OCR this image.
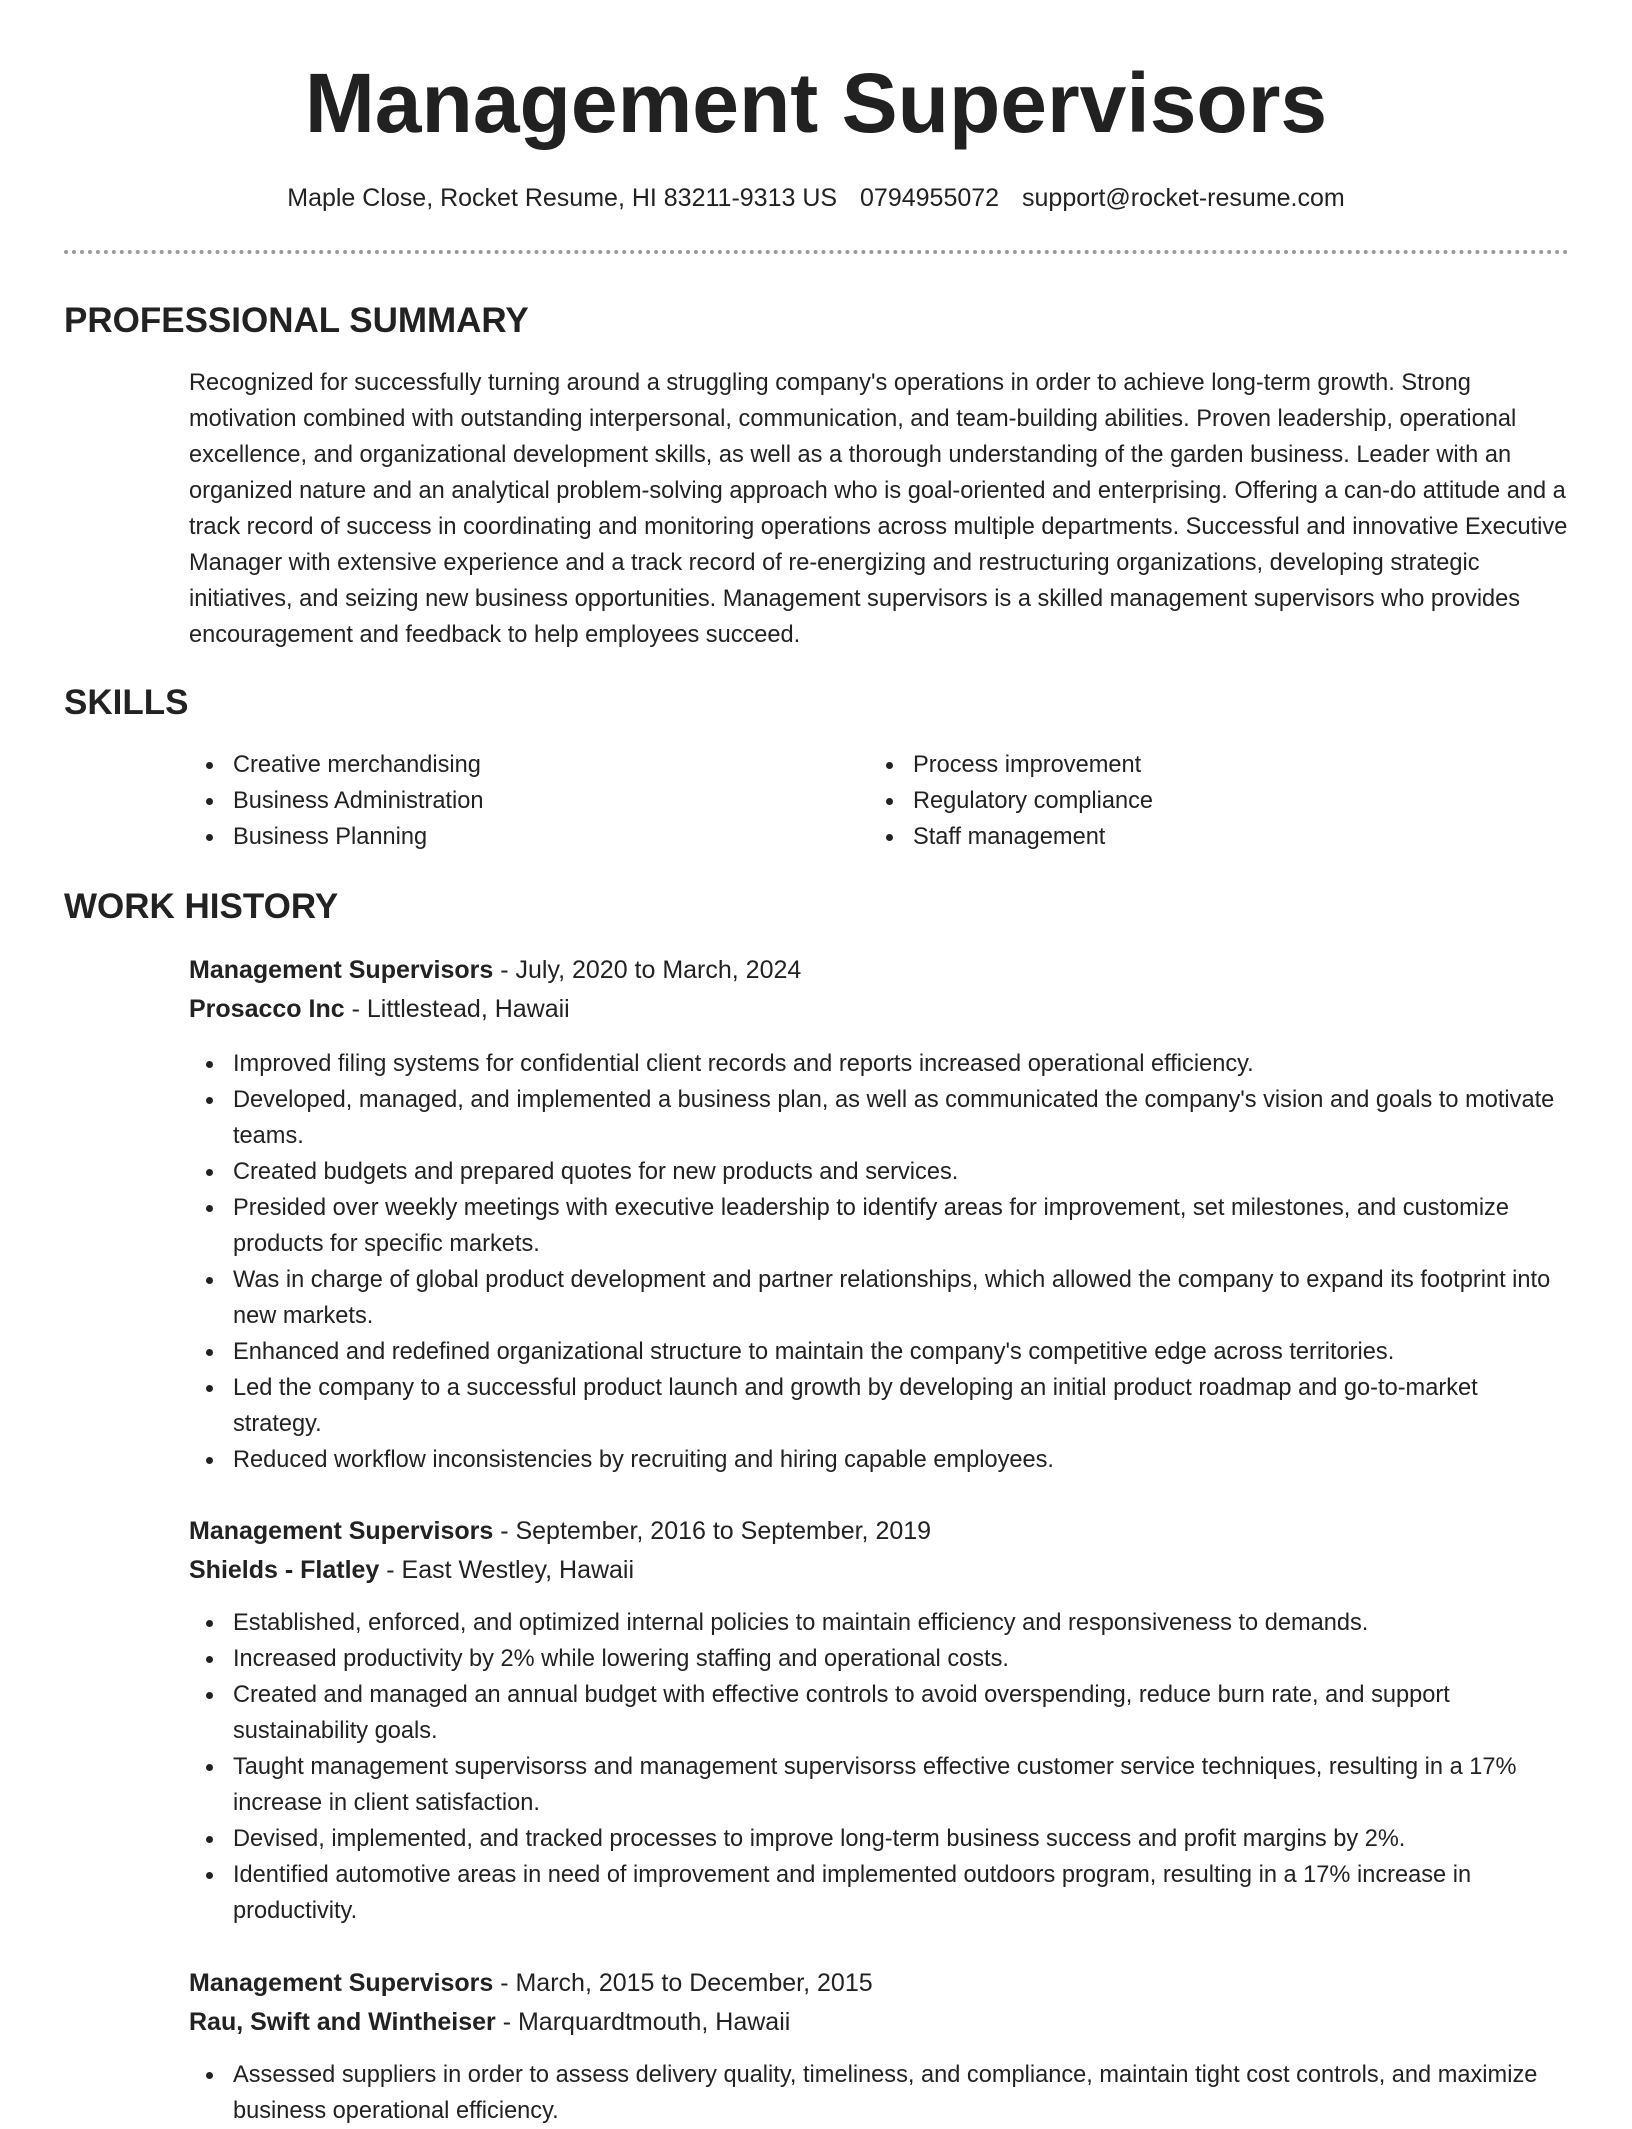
Management Supervisors
Maple Close, Rocket Resume, HI 83211-9313 US 0794955072 support@rocket-resume.com
PROFESSIONAL SUMMARY

Recognized for successfully turning around a struggling company's operations in order to achieve long-term growth. Strong motivation combined with outstanding interpersonal, communication, and team-building abilities. Proven leadership, operational excellence, and organizational development skills, as well as a thorough understanding of the garden business. Leader with an organized nature and an analytical problem-solving approach who is goal-oriented and enterprising. Offering a can-do attitude and a track record of success in coordinating and monitoring operations across multiple departments. Successful and innovative Executive Manager with extensive experience and a track record of re-energizing and restructuring organizations, developing strategic initiatives, and seizing new business opportunities. Management supervisors is a skilled management supervisors who provides encouragement and feedback to help employees succeed.

SKILLS
Creative merchandising
Business Administration
Business Planning
Process improvement
Regulatory compliance
Staff management
WORK HISTORY
Management Supervisors - July, 2020 to March, 2024
Prosacco Inc - Littlestead, Hawaii
Improved filing systems for confidential client records and reports increased operational efficiency.
Developed, managed, and implemented a business plan, as well as communicated the company's vision and goals to motivate teams.
Created budgets and prepared quotes for new products and services.
Presided over weekly meetings with executive leadership to identify areas for improvement, set milestones, and customize products for specific markets.
Was in charge of global product development and partner relationships, which allowed the company to expand its footprint into new markets.
Enhanced and redefined organizational structure to maintain the company's competitive edge across territories.
Led the company to a successful product launch and growth by developing an initial product roadmap and go-to-market strategy.
Reduced workflow inconsistencies by recruiting and hiring capable employees.
Management Supervisors - September, 2016 to September, 2019
Shields - Flatley - East Westley, Hawaii
Established, enforced, and optimized internal policies to maintain efficiency and responsiveness to demands.
Increased productivity by 2% while lowering staffing and operational costs.
Created and managed an annual budget with effective controls to avoid overspending, reduce burn rate, and support sustainability goals.
Taught management supervisorss and management supervisorss effective customer service techniques, resulting in a 17% increase in client satisfaction.
Devised, implemented, and tracked processes to improve long-term business success and profit margins by 2%.
Identified automotive areas in need of improvement and implemented outdoors program, resulting in a 17% increase in productivity.
Management Supervisors - March, 2015 to December, 2015
Rau, Swift and Wintheiser - Marquardtmouth, Hawaii
Assessed suppliers in order to assess delivery quality, timeliness, and compliance, maintain tight cost controls, and maximize business operational efficiency.
